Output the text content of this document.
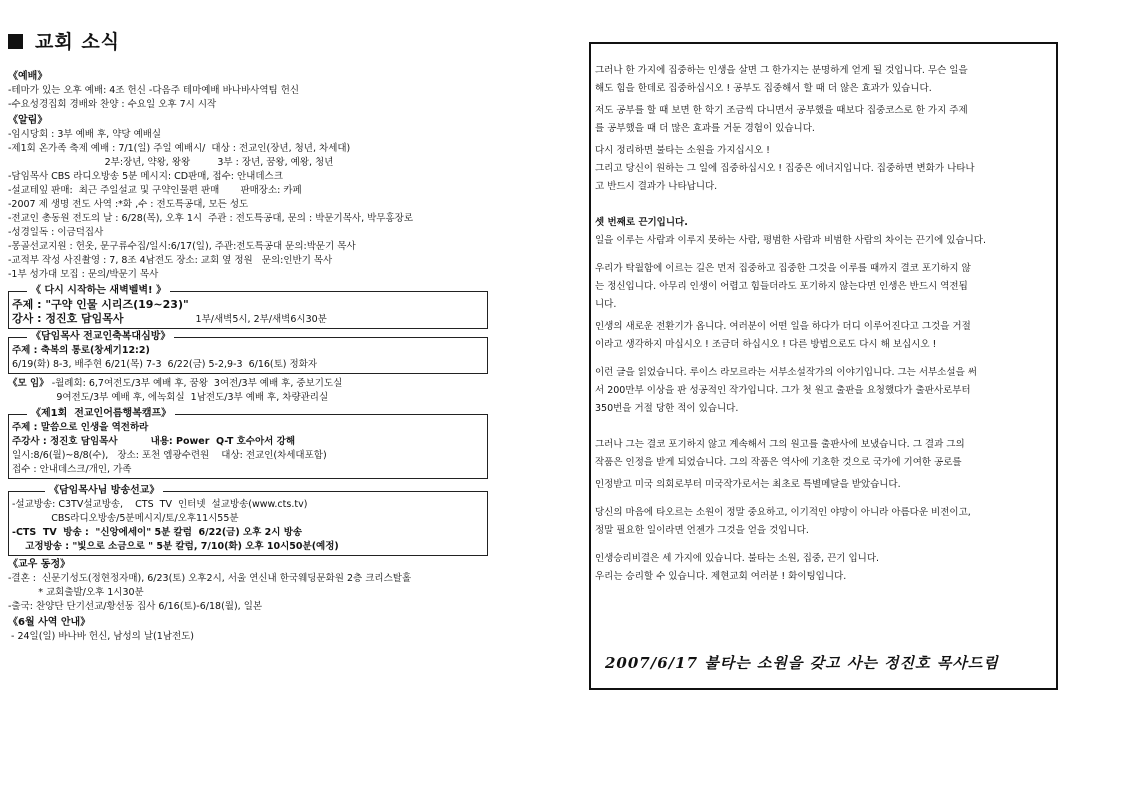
교회 소식
《예배》
-테마가 있는 오후 예배: 4조 헌신 -다음주 테마예배 바나바사역팀 헌신
-수요성경집회 경배와 찬양 : 수요일 오후 7시 시작
《알림》
-임시당회 : 3부 예배 후, 약당 예배실
-제1회 온가족 축제 예배 : 7/1(일) 주일 예배시/  대상 : 전교인(장년, 청년, 차세대)
2부:장년, 약왕, 왕왕         3부 : 장년, 꿈왕, 예왕, 청년
-담임목사 CBS 라디오방송 5분 메시지: CD판매, 접수: 안내데스크
-설교테잎 판매:  최근 주일설교 및 구약인물편 판매       판매장소: 카페
-2007 제 생명 전도 사역 :*화 ,수 : 전도특공대, 모든 성도
-전교인 총동원 전도의 날 : 6/28(목), 오후 1시  주관 : 전도특공대, 문의 : 박문기목사, 박무홍장로
-성경일독 : 이금덕집사
-몽골선교지원 : 헌옷, 문구류수집/일시:6/17(일), 주관:전도특공대 문의:박문기 목사
-교적부 작성 사진촬영 : 7, 8조 4남전도 장소: 교회 옆 정원   문의:인반기 목사
-1부 성가대 모집 : 문의/박문기 목사
《 다시 시작하는 새벽벨벽! 》
주제 : "구약 인물 시리즈(19~23)"
강사 : 정진호 담임목사	1부/새벽5시, 2부/새벽6시30분
《담임목사 전교인축복대심방》
주제 : 축복의 통로(창세기12:2)
6/19(화) 8-3, 배주현 6/21(목) 7-3  6/22(금) 5-2,9-3  6/16(토) 정화자
《모 임》 -월례회: 6,7여전도/3부 예배 후, 꿈왕  3여전/3부 예배 후, 중보기도실
9여전도/3부 예배 후, 에녹회실  1남전도/3부 예배 후, 차량관리실
《제1회  전교인어름행복캠프》
주제 : 말씀으로 인생을 역전하라
주강사 : 정진호 담임목사          내용: Power  Q-T 호수아서 강해
일시:8/6(월)~8/8(수),   장소: 포천 엠광수련원    대상: 전교인(차세대포함)
접수 : 안내데스크/개인, 가족
《담임목사님 방송선교》
-설교방송: C3TV설교방송,    CTS  TV  인터넷  설교방송(www.cts.tv)
CBS라디오방송/5분메시지/토/오후11시55분
-CTS  TV  방송 :  "신앙에세이" 5분 칼럼  6/22(금) 오후 2시 방송
고정방송 : "빛으로 소금으로 " 5분 칼럼, 7/10(화) 오후 10시50분(예정)
《교우 동정》
-결혼 :  신문기성도(정현정자매), 6/23(토) 오후2시, 서울 연신내 한국웨딩문화원 2층 크리스탈홀
* 교회출발/오후 1시30분
-출국: 찬양단 단기선교/황선동 집사 6/16(토)-6/18(월), 일본
《6월 사역 안내》
- 24일(일) 바나바 헌신, 남성의 날(1남전도)

그러나 한 가지에 집중하는 인생을 살면 그 한가지는 분명하게 얻게 될 것입니다. 무슨 일을
해도 힘을 한데로 집중하십시오 ! 공부도 집중해서 할 때 더 않은 효과가 있습니다.

저도 공부를 할 때 보면 한 학기 조금씩 다니면서 공부했을 때보다 집중코스로 한 가지 주제
를 공부했을 때 더 많은 효과를 거둔 경험이 있습니다.

다시 정리하면 불타는 소원을 가지십시오 !
그리고 당신이 원하는 그 일에 집중하십시오 ! 집중은 에너지입니다. 집중하면 변화가 나타나
고 반드시 결과가 나타납니다.

셋 번째로 끈기입니다.

일을 이루는 사람과 이루지 못하는 사람, 평범한 사람과 비범한 사람의 차이는 끈기에 있습니다.

우리가 탁월함에 이르는 길은 먼저 집중하고 집중한 그것을 이루를 때까지 결코 포기하지 않
는 정신입니다. 아무리 인생이 어렵고 힘들더라도 포기하지 않는다면 인생은 반드시 역전됩
니다.

인생의 새로운 전환기가 옵니다. 여러분이 어떤 일을 하다가 더디 이루어진다고 그것을 거절
이라고 생각하지 마십시오 ! 조금더 하십시오 ! 다른 방법으로도 다시 해 보십시오 !

이런 글을 읽었습니다. 루이스 라모르라는 서부소설작가의 이야기입니다. 그는 서부소설을 써
서 200만부 이상을 판 성공적인 작가입니다. 그가 첫 원고 출판을 요청했다가 출판사로부터
350번을 거절 당한 적이 있습니다.

그러나 그는 결코 포기하지 않고 계속해서 그의 원고를 출판사에 보냈습니다. 그 결과 그의
작품은 인정을 받게 되었습니다. 그의 작품은 역사에 기초한 것으로 국가에 기여한 공로를

인정받고 미국 의회로부터 미국작가로서는 최초로 특별메달을 받았습니다.

당신의 마음에 타오르는 소원이 정말 중요하고, 이기적인 야망이 아니라 아름다운 비전이고,
정말 필요한 일이라면 언젠가 그것을 얻을 것입니다.

인생승리비결은 세 가지에 있습니다. 불타는 소원, 집중, 끈기 입니다.
우리는 승리할 수 있습니다. 제현교회 여러분 ! 화이팅입니다.

2007/6/17 불타는 소원을 갖고 사는 정진호 목사드림
